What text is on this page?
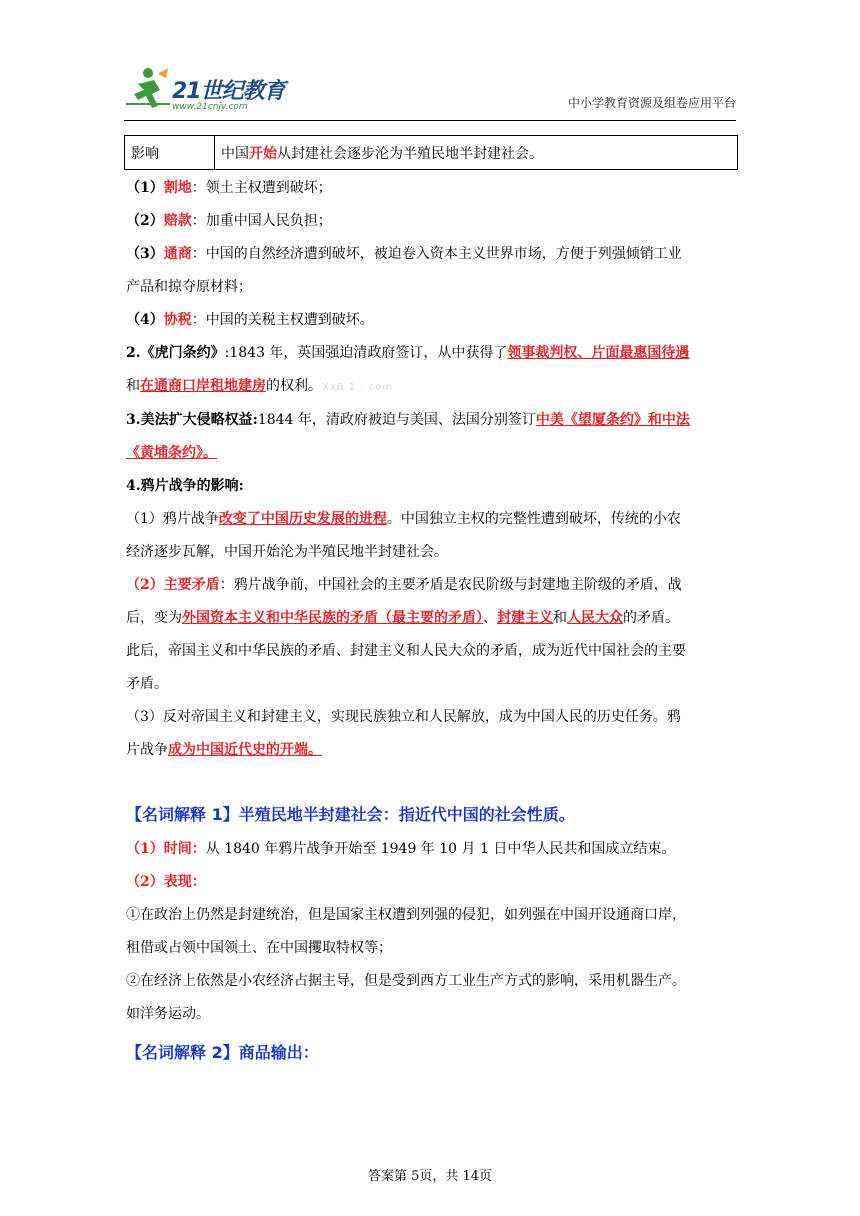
21世纪教育
www.21cnjy.com	中小学教育资源及组卷应用平台
影响	中国开始从封建社会逐步沦为半殖民地半封建社会。
（1）割地：领土主权遭到破坏；
（2）赔款：加重中国人民负担；
（3）通商：中国的自然经济遭到破坏，被迫卷入资本主义世界市场，方便于列强倾销工业
产品和掠夺原材料；
（4）协税：中国的关税主权遭到破坏。
2.《虎门条约》:1843 年，英国强迫清政府签订，从中获得了领事裁判权、片面最惠国待遇
和在通商口岸租地建房的权利。XxB 1 . com
3.美法扩大侵略权益:1844 年，清政府被迫与美国、法国分别签订中美《望厦条约》和中法
《黄埔条约》。
4.鸦片战争的影响:
（1）鸦片战争改变了中国历史发展的进程。中国独立主权的完整性遭到破坏，传统的小农
经济逐步瓦解，中国开始沦为半殖民地半封建社会。
（2）主要矛盾：鸦片战争前，中国社会的主要矛盾是农民阶级与封建地主阶级的矛盾，战
后，变为外国资本主义和中华民族的矛盾（最主要的矛盾）、封建主义和人民大众的矛盾。
此后，帝国主义和中华民族的矛盾、封建主义和人民大众的矛盾，成为近代中国社会的主要
矛盾。
（3）反对帝国主义和封建主义，实现民族独立和人民解放，成为中国人民的历史任务。鸦
片战争成为中国近代史的开端。
【名词解释 1】半殖民地半封建社会：指近代中国的社会性质。
（1）时间：从 1840 年鸦片战争开始至 1949 年 10 月 1 日中华人民共和国成立结束。
（2）表现：
①在政治上仍然是封建统治，但是国家主权遭到列强的侵犯，如列强在中国开设通商口岸，
租借或占领中国领土、在中国攫取特权等；
②在经济上依然是小农经济占据主导，但是受到西方工业生产方式的影响，采用机器生产。
如洋务运动。
【名词解释 2】商品输出：
答案第 5页，共 14页
